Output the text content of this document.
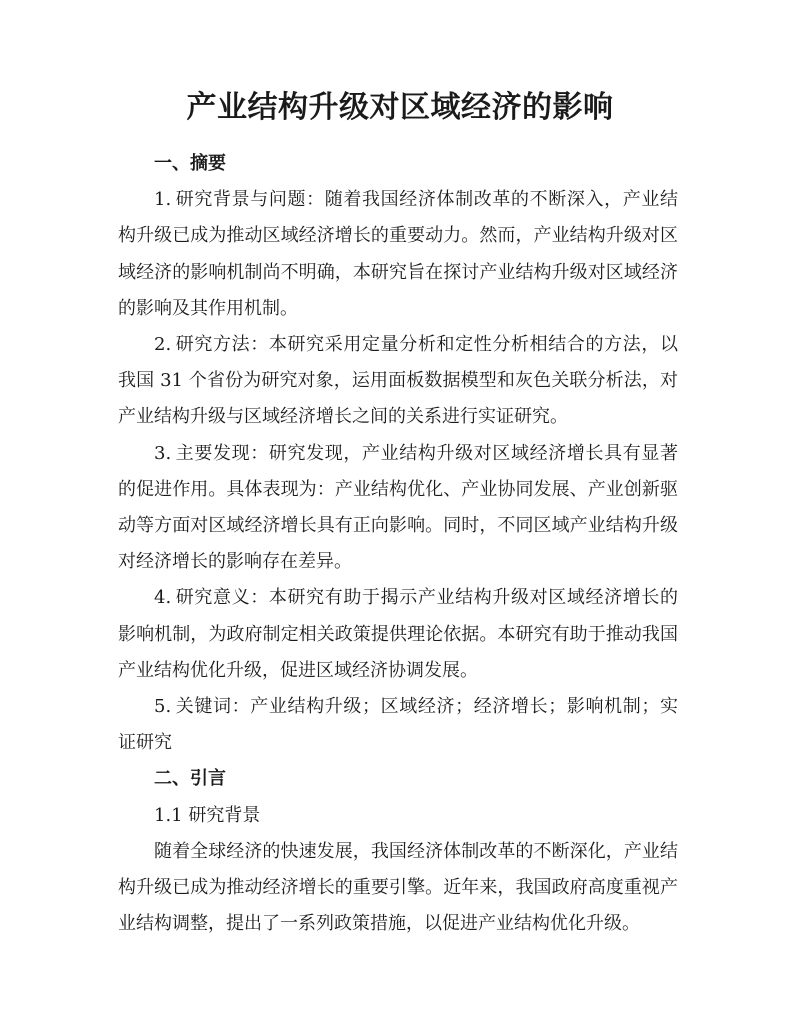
产业结构升级对区域经济的影响

一、摘要

1. 研究背景与问题：随着我国经济体制改革的不断深入，产业结构升级已成为推动区域经济增长的重要动力。然而，产业结构升级对区域经济的影响机制尚不明确，本研究旨在探讨产业结构升级对区域经济的影响及其作用机制。

2. 研究方法：本研究采用定量分析和定性分析相结合的方法，以我国 31 个省份为研究对象，运用面板数据模型和灰色关联分析法，对产业结构升级与区域经济增长之间的关系进行实证研究。

3. 主要发现：研究发现，产业结构升级对区域经济增长具有显著的促进作用。具体表现为：产业结构优化、产业协同发展、产业创新驱动等方面对区域经济增长具有正向影响。同时，不同区域产业结构升级对经济增长的影响存在差异。

4. 研究意义：本研究有助于揭示产业结构升级对区域经济增长的影响机制，为政府制定相关政策提供理论依据。本研究有助于推动我国产业结构优化升级，促进区域经济协调发展。

5. 关键词：产业结构升级；区域经济；经济增长；影响机制；实证研究

二、引言

1.1 研究背景

随着全球经济的快速发展，我国经济体制改革的不断深化，产业结构升级已成为推动经济增长的重要引擎。近年来，我国政府高度重视产业结构调整，提出了一系列政策措施，以促进产业结构优化升级。
